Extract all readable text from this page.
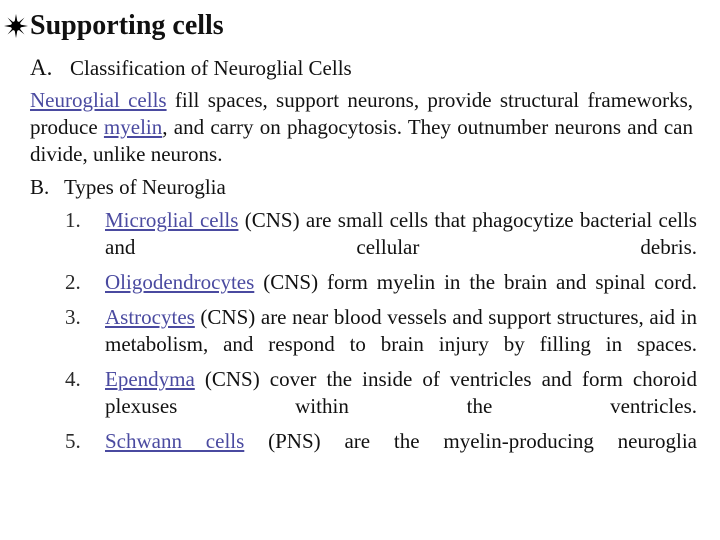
Supporting cells

A. Classification of Neuroglial Cells

Neuroglial cells fill spaces, support neurons, provide structural frameworks, produce myelin, and carry on phagocytosis. They outnumber neurons and can divide, unlike neurons.

B. Types of Neuroglia

1.	Microglial cells (CNS) are small cells that phagocytize bacterial cells and cellular debris.
2.	Oligodendrocytes (CNS) form myelin in the brain and spinal cord.
3.	Astrocytes (CNS) are near blood vessels and support structures, aid in metabolism, and respond to brain injury by filling in spaces.
4.	Ependyma (CNS) cover the inside of ventricles and form choroid plexuses within the ventricles.
5.	Schwann cells (PNS) are the myelin-producing neuroglia
